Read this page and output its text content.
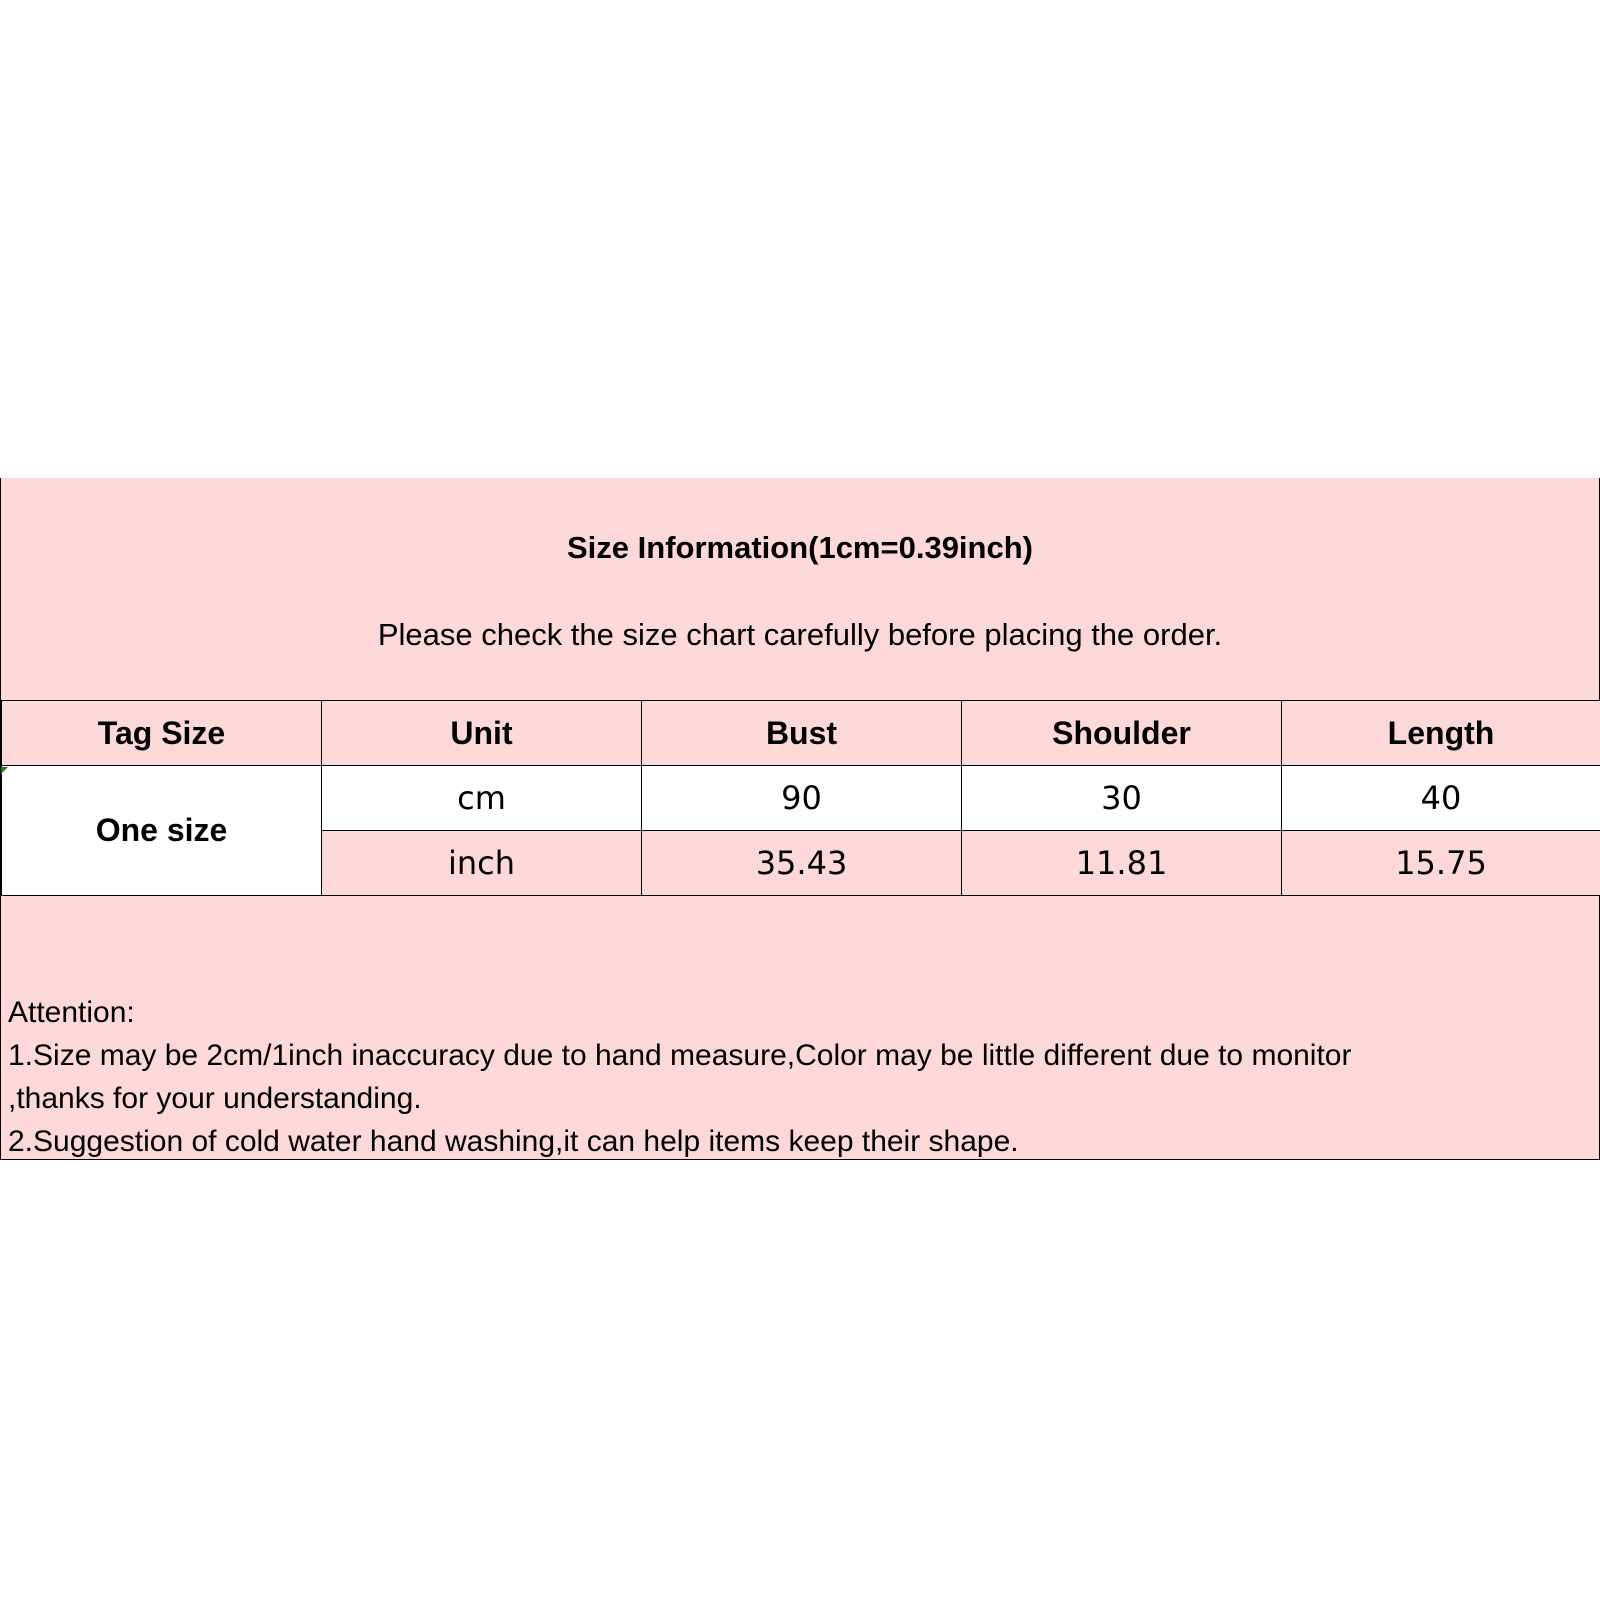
Size Information(1cm=0.39inch)
Please check the size chart carefully before placing the order.
Tag Size	Unit	Bust	Shoulder	Length
One size	cm	90	30	40
	inch	35.43	11.81	15.75
Attention:
1.Size may be 2cm/1inch inaccuracy due to hand measure,Color may be little different due to monitor
,thanks for your understanding.
2.Suggestion of cold water hand washing,it can help items keep their shape.
